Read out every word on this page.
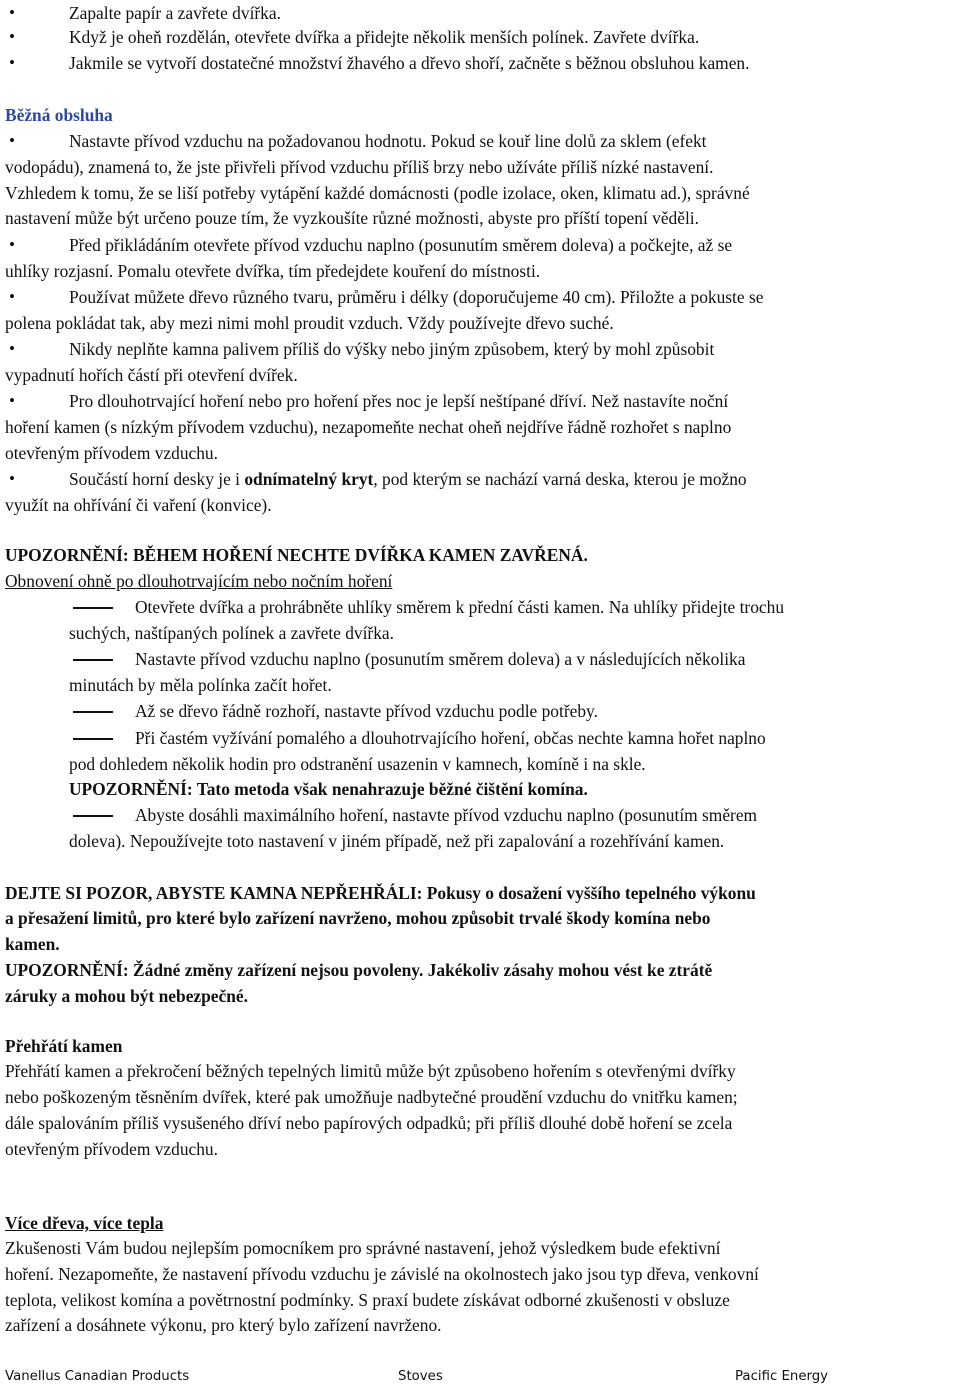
•	Zapalte papír a zavřete dvířka.
•	Když je oheň rozdělán, otevřete dvířka a přidejte několik menších polínek. Zavřete dvířka.
•	Jakmile se vytvoří dostatečné množství žhavého a dřevo shoří, začněte s běžnou obsluhou kamen.
Běžná obsluha
•	Nastavte přívod vzduchu na požadovanou hodnotu. Pokud se kouř line dolů za sklem (efekt
vodopádu), znamená to, že jste přivřeli přívod vzduchu příliš brzy nebo užíváte příliš nízké nastavení.
Vzhledem k tomu, že se liší potřeby vytápění každé domácnosti (podle izolace, oken, klimatu ad.), správné
nastavení může být určeno pouze tím, že vyzkoušíte různé možnosti, abyste pro příští topení věděli.
•	Před přikládáním otevřete přívod vzduchu naplno (posunutím směrem doleva) a počkejte, až se
uhlíky rozjasní. Pomalu otevřete dvířka, tím předejdete kouření do místnosti.
•	Používat můžete dřevo různého tvaru, průměru i délky (doporučujeme 40 cm). Přiložte a pokuste se
polena pokládat tak, aby mezi nimi mohl proudit vzduch. Vždy používejte dřevo suché.
•	Nikdy neplňte kamna palivem příliš do výšky nebo jiným způsobem, který by mohl způsobit
vypadnutí hořích částí při otevření dvířek.
•	Pro dlouhotrvající hoření nebo pro hoření přes noc je lepší neštípané dříví. Než nastavíte noční
hoření kamen (s nízkým přívodem vzduchu), nezapomeňte nechat oheň nejdříve řádně rozhořet s naplno
otevřeným přívodem vzduchu.
•	Součástí horní desky je i odnímatelný kryt, pod kterým se nachází varná deska, kterou je možno
využít na ohřívání či vaření (konvice).
UPOZORNĚNÍ: BĚHEM HOŘENÍ NECHTE DVÍŘKA KAMEN ZAVŘENÁ.
Obnovení ohně po dlouhotrvajícím nebo nočním hoření
Otevřete dvířka a prohrábněte uhlíky směrem k přední části kamen. Na uhlíky přidejte trochu
suchých, naštípaných polínek a zavřete dvířka.
Nastavte přívod vzduchu naplno (posunutím směrem doleva) a v následujících několika
minutách by měla polínka začít hořet.
Až se dřevo řádně rozhoří, nastavte přívod vzduchu podle potřeby.
Při častém vyžívání pomalého a dlouhotrvajícího hoření, občas nechte kamna hořet naplno
pod dohledem několik hodin pro odstranění usazenin v kamnech, komíně i na skle.
UPOZORNĚNÍ: Tato metoda však nenahrazuje běžné čištění komína.
Abyste dosáhli maximálního hoření, nastavte přívod vzduchu naplno (posunutím směrem
doleva). Nepoužívejte toto nastavení v jiném případě, než při zapalování a rozehřívání kamen.
DEJTE SI POZOR, ABYSTE KAMNA NEPŘEHŘÁLI: Pokusy o dosažení vyššího tepelného výkonu
a přesažení limitů, pro které bylo zařízení navrženo, mohou způsobit trvalé škody komína nebo
kamen.
UPOZORNĚNÍ: Žádné změny zařízení nejsou povoleny. Jakékoliv zásahy mohou vést ke ztrátě
záruky a mohou být nebezpečné.
Přehřátí kamen
Přehřátí kamen a překročení běžných tepelných limitů může být způsobeno hořením s otevřenými dvířky
nebo poškozeným těsněním dvířek, které pak umožňuje nadbytečné proudění vzduchu do vnitřku kamen;
dále spalováním příliš vysušeného dříví nebo papírových odpadků; při příliš dlouhé době hoření se zcela
otevřeným přívodem vzduchu.
Více dřeva, více tepla
Zkušenosti Vám budou nejlepším pomocníkem pro správné nastavení, jehož výsledkem bude efektivní
hoření. Nezapomeňte, že nastavení přívodu vzduchu je závislé na okolnostech jako jsou typ dřeva, venkovní
teplota, velikost komína a povětrnostní podmínky. S praxí budete získávat odborné zkušenosti v obsluze
zařízení a dosáhnete výkonu, pro který bylo zařízení navrženo.
Vanellus Canadian Products	Stoves	Pacific Energy
